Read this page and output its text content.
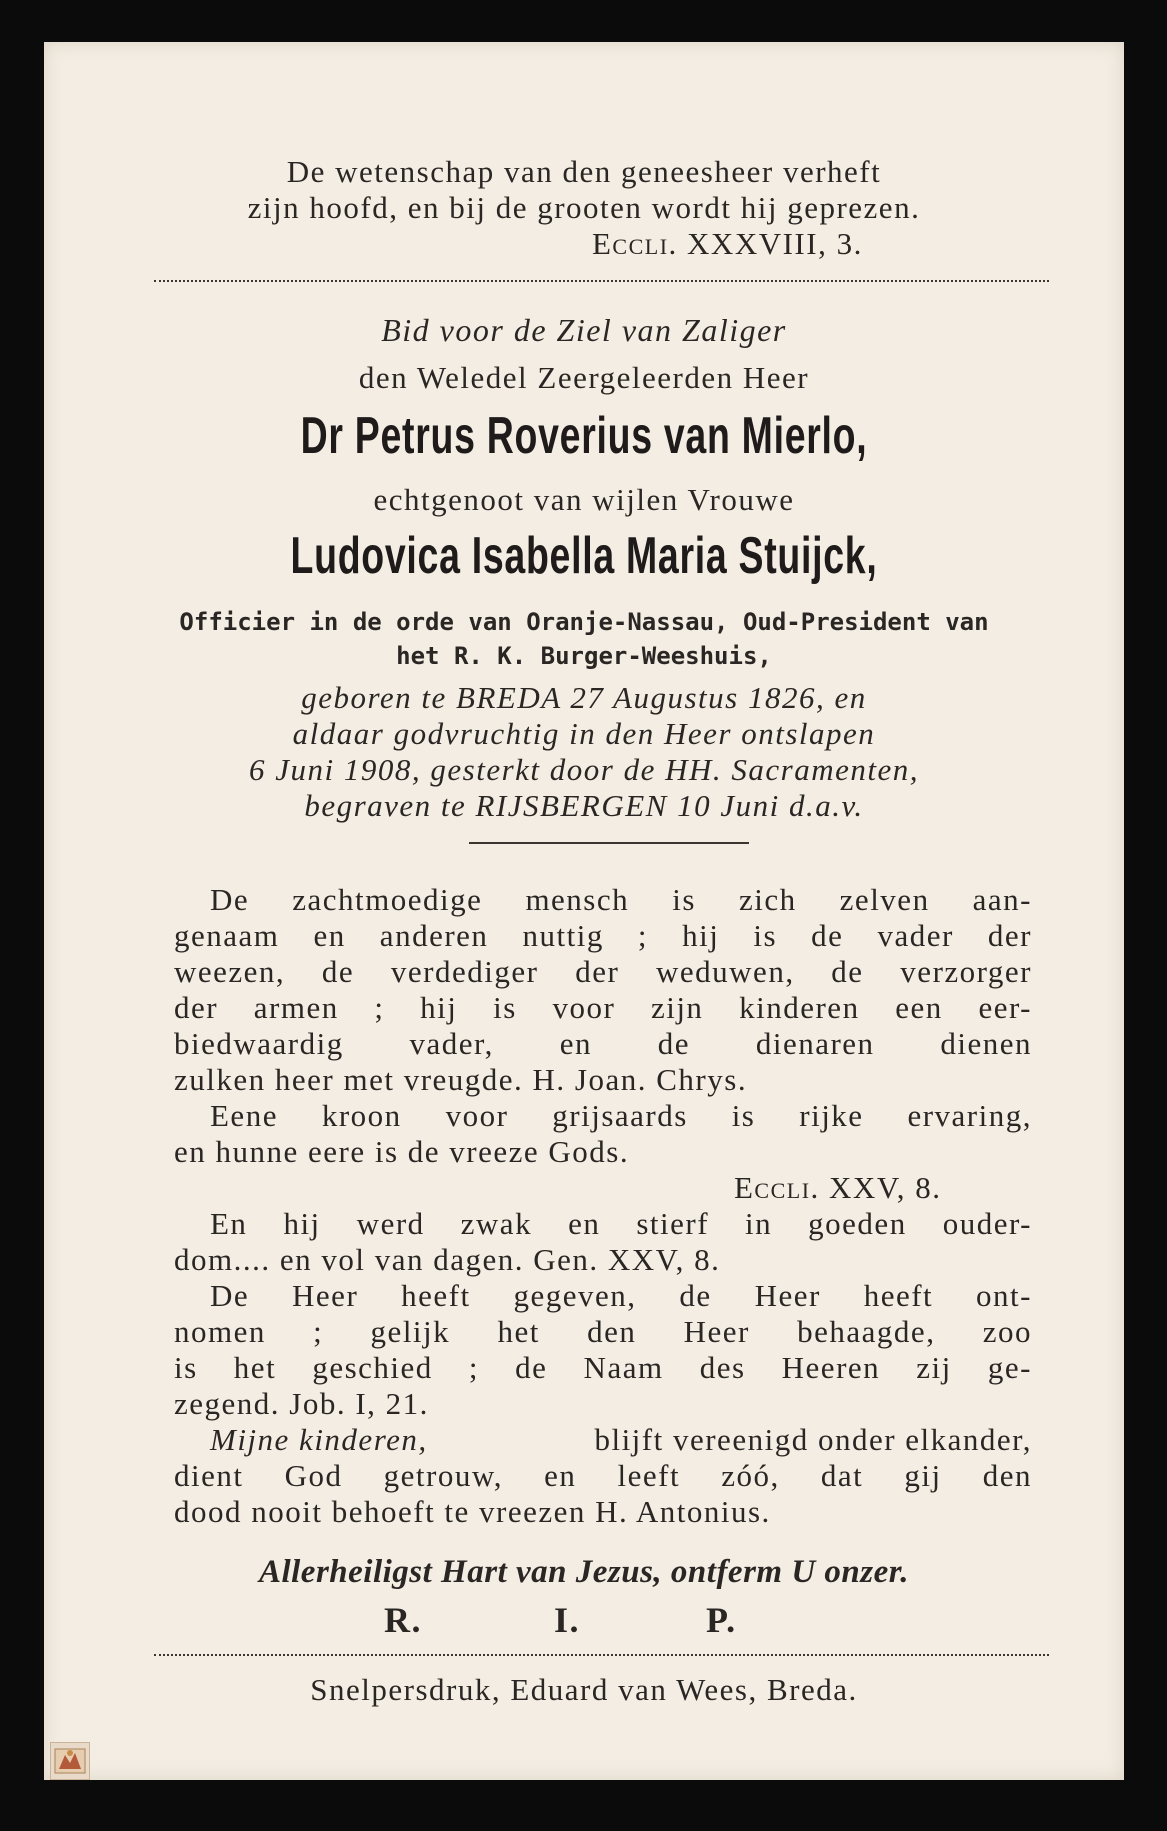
De wetenschap van den geneesheer verheft
zijn hoofd, en bij de grooten wordt hij geprezen.
Eccli. XXXVIII, 3.
Bid voor de Ziel van Zaliger
den Weledel Zeergeleerden Heer
Dr Petrus Roverius van Mierlo,
echtgenoot van wijlen Vrouwe
Ludovica Isabella Maria Stuijck,
Officier in de orde van Oranje-Nassau, Oud-President van
het R. K. Burger-Weeshuis,
geboren te BREDA 27 Augustus 1826, en
aldaar godvruchtig in den Heer ontslapen
6 Juni 1908, gesterkt door de HH. Sacramenten,
begraven te RIJSBERGEN 10 Juni d.a.v.
De zachtmoedige mensch is zich zelven aan-
genaam en anderen nuttig ; hij is de vader der
weezen, de verdediger der weduwen, de verzorger
der armen ; hij is voor zijn kinderen een eer-
biedwaardig vader, en de dienaren dienen
zulken heer met vreugde. H. Joan. Chrys.
Eene kroon voor grijsaards is rijke ervaring,
en hunne eere is de vreeze Gods.
Eccli. XXV, 8.
En hij werd zwak en stierf in goeden ouder-
dom.... en vol van dagen. Gen. XXV, 8.
De Heer heeft gegeven, de Heer heeft ont-
nomen ; gelijk het den Heer behaagde, zoo
is het geschied ; de Naam des Heeren zij ge-
zegend. Job. I, 21.
Mijne kinderen,	blijft vereenigd onder elkander,
dient God getrouw, en leeft zóó, dat gij den
dood nooit behoeft te vreezen H. Antonius.
Allerheiligst Hart van Jezus, ontferm U onzer.
R.	I.	P.
Snelpersdruk, Eduard van Wees, Breda.
